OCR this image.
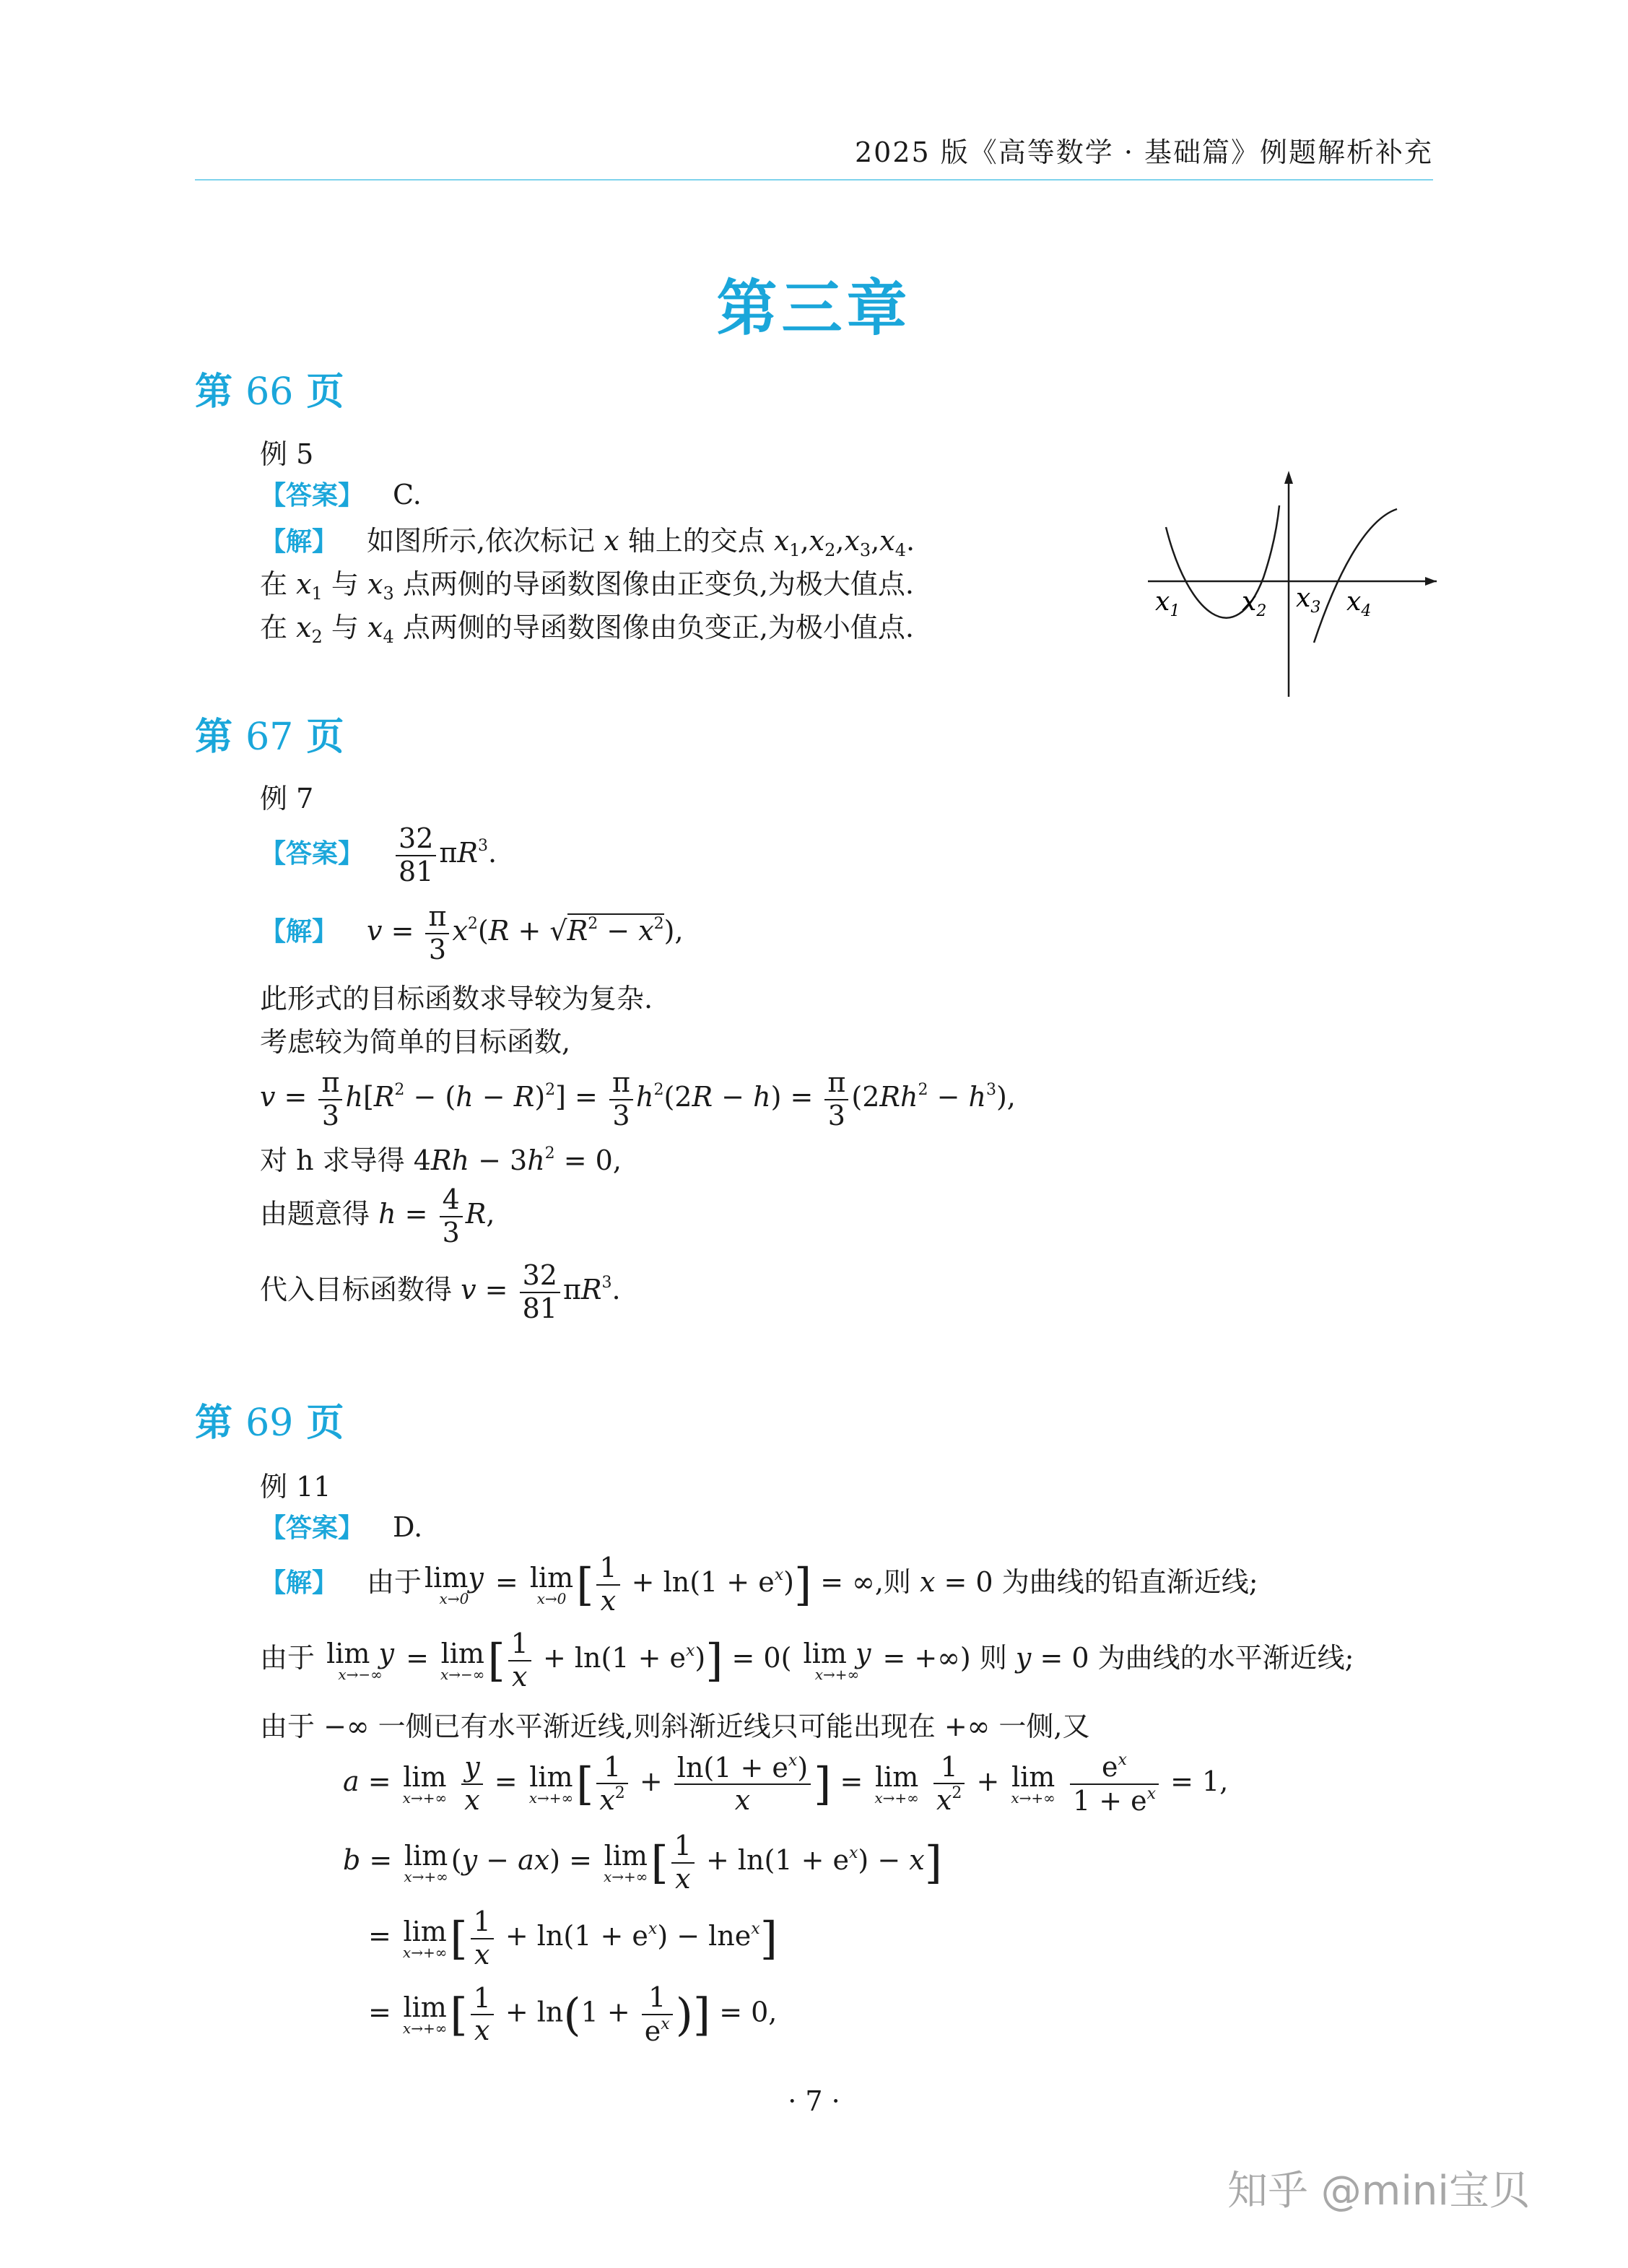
2025 版《高等数学 · 基础篇》例题解析补充
第三章
第 66 页
例 5
【答案】 C.
【解】 如图所示,依次标记 x 轴上的交点 $x_1,x_2,x_3,x_4$.
在 $x_1$ 与 $x_3$ 点两侧的导函数图像由正变负,为极大值点.
在 $x_2$ 与 $x_4$ 点两侧的导函数图像由负变正,为极小值点.
$x_1$ $x_2$ $x_3$ $x_4$
第 67 页
例 7
【答案】 $\frac{32}{81} \pi R^3$.
【解】 $v = \frac{\pi}{3} x^2(R + √R^2 - x^2)$,
此形式的目标函数求导较为复杂.
考虑较为简单的目标函数,
$v = \frac{\pi}{3} h[R^2 - (h - R)^2] = \frac{\pi}{3} h^2(2R - h) = \frac{\pi}{3} (2Rh^2 - h^3)$,
对 h 求导得 $4Rh - 3h^2 = 0$,
由题意得 $h = \frac{4}{3} R$,
代入目标函数得 $v = \frac{32}{81} \pi R^3$.
第 69 页
例 11
【答案】 D.
【解】 由于 limy
x→0
= lim
x→0 [ $\frac{1}{x} + \ln(1 + e^x)$] = ∞,则 x = 0 为曲线的铅直渐近线;
由于 lim y
x→−∞
= lim
x→−∞ [ $\frac{1}{x} + \ln(1 + e^x)] = 0$( lim y
x→+∞
= +∞) 则 y = 0 为曲线的水平渐近线;
由于 −∞ 一侧已有水平渐近线,则斜渐近线只可能出现在 +∞ 一侧,又
a = lim
x→+∞
$\frac{y}{x} = \lim$
x→+∞ [ $\frac{1}{x^2} + \frac{\ln(1 + e^x)}{x}$ ] = lim
x→+∞
$\frac{1}{x^2} + \lim$
x→+∞
$\frac{e^x}{1 + e^x} = 1$,
b = lim
x→+∞
(y − ax) = lim
x→+∞ [ $\frac{1}{x} + \ln(1 + e^x) - x$]
= lim
x→+∞ [ $\frac{1}{x} + \ln(1 + e^x) - \ln e^x$]
= lim
x→+∞ [ $\frac{1}{x} + \ln(1 + \frac{1}{e^x}$ )] = 0,
· 7 ·
知乎 @mini宝贝
